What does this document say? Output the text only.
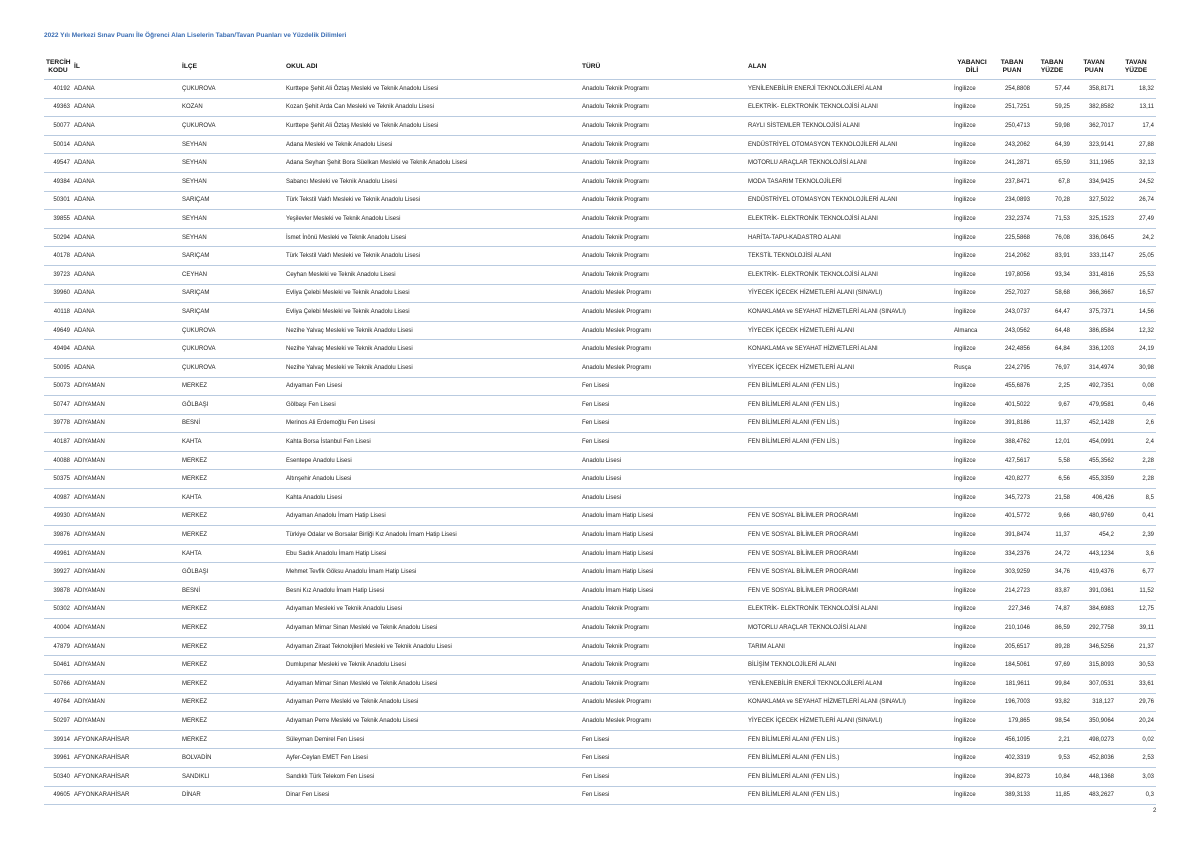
2022 Yılı Merkezi Sınav Puanı İle Öğrenci Alan Liselerin Taban/Tavan Puanları ve Yüzdelik Dilimleri
TERCİH KODU	İL	İLÇE	OKUL ADI	TÜRÜ	ALAN	YABANCI DİLİ	TABAN PUAN	TABAN YÜZDE	TAVAN PUAN	TAVAN YÜZDE
40192	ADANA	ÇUKUROVA	Kurttepe Şehit Ali Öztaş Mesleki ve Teknik Anadolu Lisesi	Anadolu Teknik Programı	YENİLENEBİLİR ENERJİ TEKNOLOJİLERİ ALANI	İngilizce	254,8808	57,44	358,8171	18,32
49363	ADANA	KOZAN	Kozan Şehit Arda Can Mesleki ve Teknik Anadolu Lisesi	Anadolu Teknik Programı	ELEKTRİK- ELEKTRONİK TEKNOLOJİSİ ALANI	İngilizce	251,7251	59,25	382,8582	13,11
50077	ADANA	ÇUKUROVA	Kurttepe Şehit Ali Öztaş Mesleki ve Teknik Anadolu Lisesi	Anadolu Teknik Programı	RAYLI SİSTEMLER TEKNOLOJİSİ ALANI	İngilizce	250,4713	59,98	362,7017	17,4
50014	ADANA	SEYHAN	Adana Mesleki ve Teknik Anadolu Lisesi	Anadolu Teknik Programı	ENDÜSTRİYEL OTOMASYON TEKNOLOJİLERİ ALANI	İngilizce	243,2062	64,39	323,9141	27,88
49547	ADANA	SEYHAN	Adana Seyhan Şehit Bora Süelkan Mesleki ve Teknik Anadolu Lisesi	Anadolu Teknik Programı	MOTORLU ARAÇLAR TEKNOLOJİSİ ALANI	İngilizce	241,2871	65,59	311,1965	32,13
49384	ADANA	SEYHAN	Sabancı Mesleki ve Teknik Anadolu Lisesi	Anadolu Teknik Programı	MODA TASARIM TEKNOLOJİLERİ	İngilizce	237,8471	67,8	334,9425	24,52
50301	ADANA	SARIÇAM	Türk Tekstil Vakfı Mesleki ve Teknik Anadolu Lisesi	Anadolu Teknik Programı	ENDÜSTRİYEL OTOMASYON TEKNOLOJİLERİ ALANI	İngilizce	234,0893	70,28	327,5022	26,74
39855	ADANA	SEYHAN	Yeşilevler Mesleki ve Teknik Anadolu Lisesi	Anadolu Teknik Programı	ELEKTRİK- ELEKTRONİK TEKNOLOJİSİ ALANI	İngilizce	232,2374	71,53	325,1523	27,49
50294	ADANA	SEYHAN	İsmet İnönü Mesleki ve Teknik Anadolu Lisesi	Anadolu Teknik Programı	HARİTA-TAPU-KADASTRO ALANI	İngilizce	225,5868	76,08	336,0645	24,2
40178	ADANA	SARIÇAM	Türk Tekstil Vakfı Mesleki ve Teknik Anadolu Lisesi	Anadolu Teknik Programı	TEKSTİL TEKNOLOJİSİ ALANI	İngilizce	214,2062	83,91	333,1147	25,05
39723	ADANA	CEYHAN	Ceyhan Mesleki ve Teknik Anadolu Lisesi	Anadolu Teknik Programı	ELEKTRİK- ELEKTRONİK TEKNOLOJİSİ ALANI	İngilizce	197,8056	93,34	331,4816	25,53
39960	ADANA	SARIÇAM	Evliya Çelebi Mesleki ve Teknik Anadolu Lisesi	Anadolu Meslek Programı	YİYECEK İÇECEK HİZMETLERİ ALANI (SINAVLI)	İngilizce	252,7027	58,68	366,3667	16,57
40118	ADANA	SARIÇAM	Evliya Çelebi Mesleki ve Teknik Anadolu Lisesi	Anadolu Meslek Programı	KONAKLAMA ve SEYAHAT HİZMETLERİ ALANI (SINAVLI)	İngilizce	243,0737	64,47	375,7371	14,56
49649	ADANA	ÇUKUROVA	Nezihe Yalvaç Mesleki ve Teknik Anadolu Lisesi	Anadolu Meslek Programı	YİYECEK İÇECEK HİZMETLERİ ALANI	Almanca	243,0562	64,48	386,8584	12,32
49494	ADANA	ÇUKUROVA	Nezihe Yalvaç Mesleki ve Teknik Anadolu Lisesi	Anadolu Meslek Programı	KONAKLAMA ve SEYAHAT HİZMETLERİ ALANI	İngilizce	242,4856	64,84	336,1203	24,19
50095	ADANA	ÇUKUROVA	Nezihe Yalvaç Mesleki ve Teknik Anadolu Lisesi	Anadolu Meslek Programı	YİYECEK İÇECEK HİZMETLERİ ALANI	Rusça	224,2795	76,97	314,4974	30,98
50073	ADIYAMAN	MERKEZ	Adıyaman Fen Lisesi	Fen Lisesi	FEN BİLİMLERİ ALANI (FEN LİS.)	İngilizce	455,6876	2,25	492,7351	0,08
50747	ADIYAMAN	GÖLBAŞI	Gölbaşı Fen Lisesi	Fen Lisesi	FEN BİLİMLERİ ALANI (FEN LİS.)	İngilizce	401,5022	9,67	479,9581	0,46
39778	ADIYAMAN	BESNİ	Merinos Ali Erdemoğlu Fen Lisesi	Fen Lisesi	FEN BİLİMLERİ ALANI (FEN LİS.)	İngilizce	391,8186	11,37	452,1428	2,6
40187	ADIYAMAN	KAHTA	Kahta Borsa İstanbul Fen Lisesi	Fen Lisesi	FEN BİLİMLERİ ALANI (FEN LİS.)	İngilizce	388,4762	12,01	454,0991	2,4
40088	ADIYAMAN	MERKEZ	Esentepe Anadolu Lisesi	Anadolu Lisesi		İngilizce	427,5617	5,58	455,3562	2,28
50375	ADIYAMAN	MERKEZ	Altınşehir Anadolu Lisesi	Anadolu Lisesi		İngilizce	420,8277	6,56	455,3359	2,28
40987	ADIYAMAN	KAHTA	Kahta Anadolu Lisesi	Anadolu Lisesi		İngilizce	345,7273	21,58	406,426	8,5
49930	ADIYAMAN	MERKEZ	Adıyaman Anadolu İmam Hatip Lisesi	Anadolu İmam Hatip Lisesi	FEN VE SOSYAL BİLİMLER PROGRAMI	İngilizce	401,5772	9,66	480,9769	0,41
39876	ADIYAMAN	MERKEZ	Türkiye Odalar ve Borsalar Birliği Kız Anadolu İmam Hatip Lisesi	Anadolu İmam Hatip Lisesi	FEN VE SOSYAL BİLİMLER PROGRAMI	İngilizce	391,8474	11,37	454,2	2,39
49961	ADIYAMAN	KAHTA	Ebu Sadık Anadolu İmam Hatip Lisesi	Anadolu İmam Hatip Lisesi	FEN VE SOSYAL BİLİMLER PROGRAMI	İngilizce	334,2376	24,72	443,1234	3,6
39927	ADIYAMAN	GÖLBAŞI	Mehmet Tevfik Göksu Anadolu İmam Hatip Lisesi	Anadolu İmam Hatip Lisesi	FEN VE SOSYAL BİLİMLER PROGRAMI	İngilizce	303,9259	34,76	419,4376	6,77
39878	ADIYAMAN	BESNİ	Besni Kız Anadolu İmam Hatip Lisesi	Anadolu İmam Hatip Lisesi	FEN VE SOSYAL BİLİMLER PROGRAMI	İngilizce	214,2723	83,87	391,0361	11,52
50302	ADIYAMAN	MERKEZ	Adıyaman Mesleki ve Teknik Anadolu Lisesi	Anadolu Teknik Programı	ELEKTRİK- ELEKTRONİK TEKNOLOJİSİ ALANI	İngilizce	227,346	74,87	384,6983	12,75
40004	ADIYAMAN	MERKEZ	Adıyaman Mimar Sinan Mesleki ve Teknik Anadolu Lisesi	Anadolu Teknik Programı	MOTORLU ARAÇLAR TEKNOLOJİSİ ALANI	İngilizce	210,1046	86,59	292,7758	39,11
47879	ADIYAMAN	MERKEZ	Adıyaman Ziraat Teknolojileri Mesleki ve Teknik Anadolu Lisesi	Anadolu Teknik Programı	TARIM ALANI	İngilizce	205,6517	89,28	346,5256	21,37
50461	ADIYAMAN	MERKEZ	Dumlupınar Mesleki ve Teknik Anadolu Lisesi	Anadolu Teknik Programı	BİLİŞİM TEKNOLOJİLERİ ALANI	İngilizce	184,5061	97,69	315,8093	30,53
50766	ADIYAMAN	MERKEZ	Adıyaman Mimar Sinan Mesleki ve Teknik Anadolu Lisesi	Anadolu Teknik Programı	YENİLENEBİLİR ENERJİ TEKNOLOJİLERİ ALANI	İngilizce	181,9611	99,84	307,0531	33,61
49764	ADIYAMAN	MERKEZ	Adıyaman Perre Mesleki ve Teknik Anadolu Lisesi	Anadolu Meslek Programı	KONAKLAMA ve SEYAHAT HİZMETLERİ ALANI (SINAVLI)	İngilizce	196,7003	93,82	318,127	29,76
50297	ADIYAMAN	MERKEZ	Adıyaman Perre Mesleki ve Teknik Anadolu Lisesi	Anadolu Meslek Programı	YİYECEK İÇECEK HİZMETLERİ ALANI (SINAVLI)	İngilizce	179,865	98,54	350,9064	20,24
39914	AFYONKARAHİSAR	MERKEZ	Süleyman Demirel Fen Lisesi	Fen Lisesi	FEN BİLİMLERİ ALANI (FEN LİS.)	İngilizce	456,1095	2,21	498,0273	0,02
39961	AFYONKARAHİSAR	BOLVADİN	Ayfer-Ceylan EMET Fen Lisesi	Fen Lisesi	FEN BİLİMLERİ ALANI (FEN LİS.)	İngilizce	402,3319	9,53	452,8036	2,53
50340	AFYONKARAHİSAR	SANDIKLI	Sandıklı Türk Telekom Fen Lisesi	Fen Lisesi	FEN BİLİMLERİ ALANI (FEN LİS.)	İngilizce	394,8273	10,84	448,1368	3,03
49605	AFYONKARAHİSAR	DİNAR	Dinar Fen Lisesi	Fen Lisesi	FEN BİLİMLERİ ALANI (FEN LİS.)	İngilizce	389,3133	11,85	483,2627	0,3
2
